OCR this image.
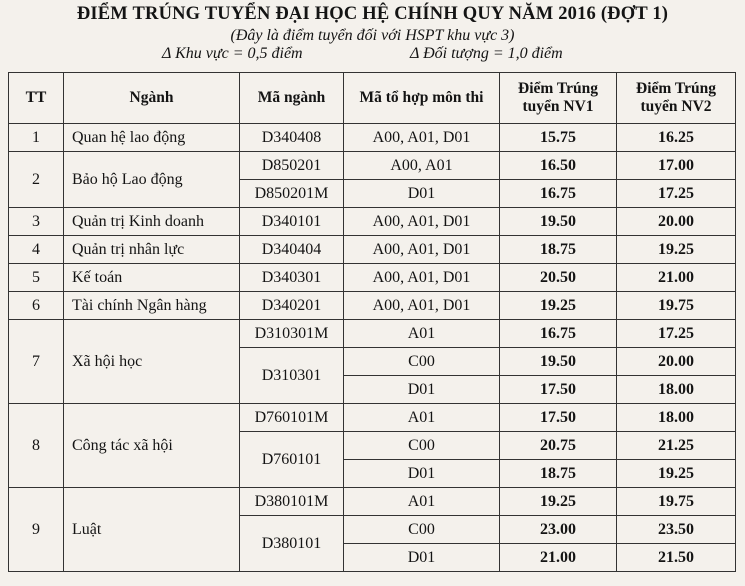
ĐIỂM TRÚNG TUYỂN ĐẠI HỌC HỆ CHÍNH QUY NĂM 2016 (ĐỢT 1)
(Đây là điểm tuyển đối với HSPT khu vực 3)
Δ Khu vực = 0,5 điểm	Δ Đối tượng = 1,0 điểm
TT	Ngành	Mã ngành	Mã tổ hợp môn thi	Điểm Trúng tuyển NV1	Điểm Trúng tuyển NV2
1	Quan hệ lao động	D340408	A00, A01, D01	15.75	16.25
2	Bảo hộ Lao động	D850201	A00, A01	16.50	17.00
		D850201M	D01	16.75	17.25
3	Quản trị Kinh doanh	D340101	A00, A01, D01	19.50	20.00
4	Quản trị nhân lực	D340404	A00, A01, D01	18.75	19.25
5	Kế toán	D340301	A00, A01, D01	20.50	21.00
6	Tài chính Ngân hàng	D340201	A00, A01, D01	19.25	19.75
7	Xã hội học	D310301M	A01	16.75	17.25
		D310301	C00	19.50	20.00
			D01	17.50	18.00
8	Công tác xã hội	D760101M	A01	17.50	18.00
		D760101	C00	20.75	21.25
			D01	18.75	19.25
9	Luật	D380101M	A01	19.25	19.75
		D380101	C00	23.00	23.50
			D01	21.00	21.50
